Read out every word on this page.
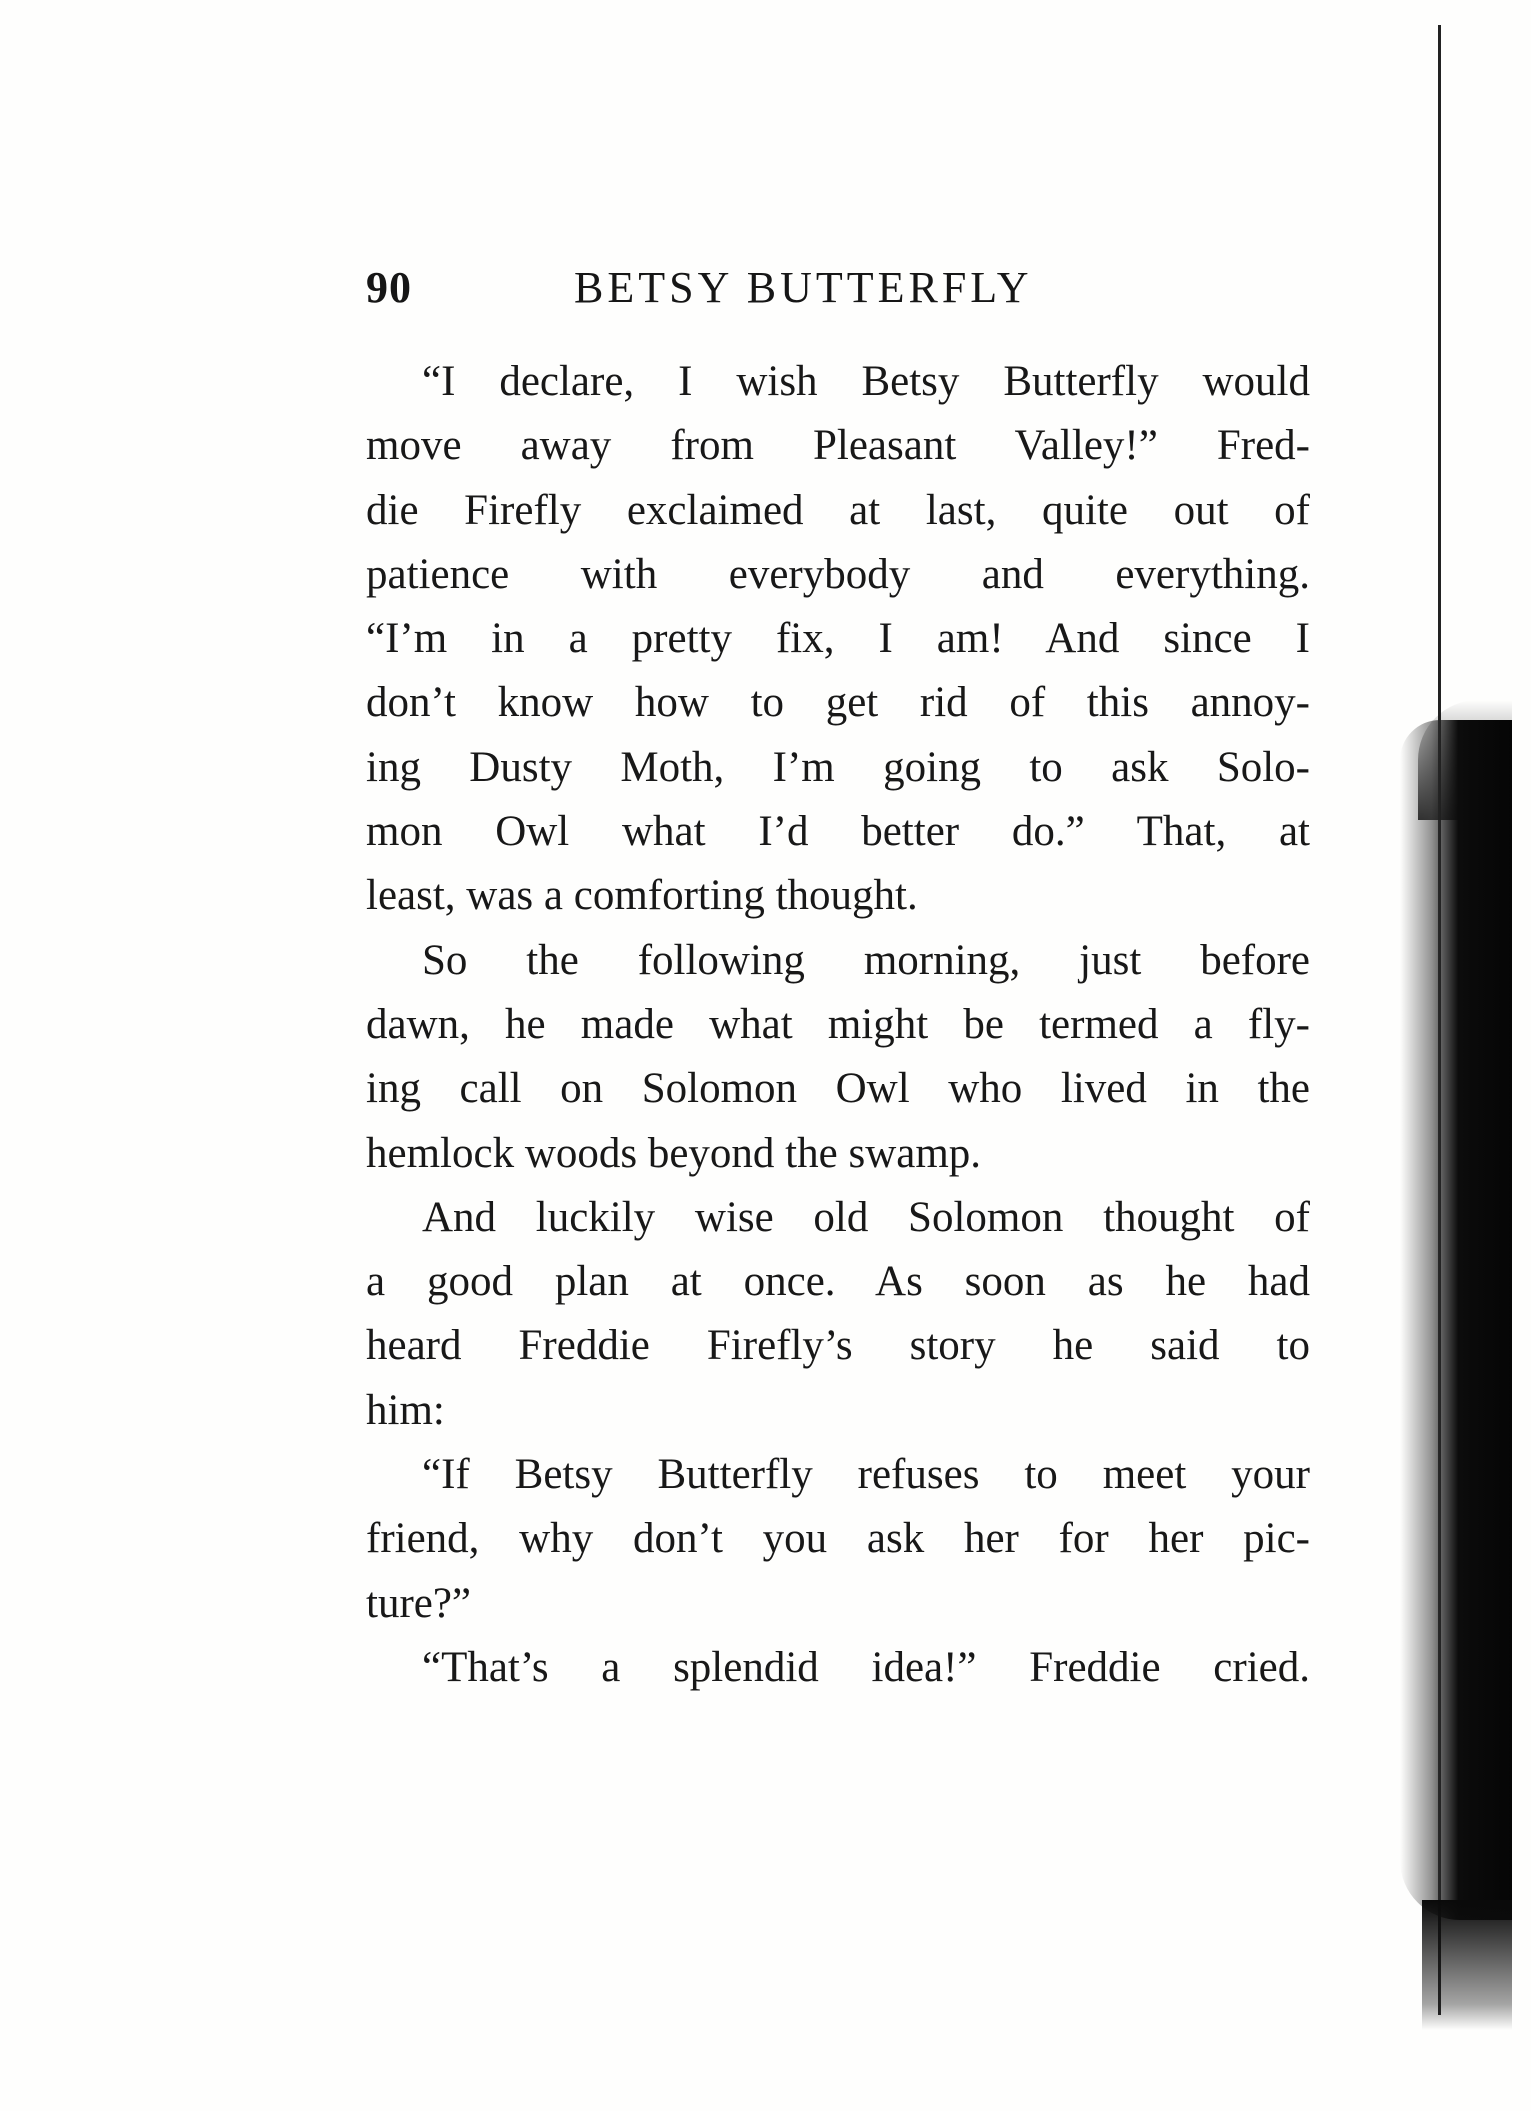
90	BETSY BUTTERFLY
“I declare, I wish Betsy Butterfly would
move away from Pleasant Valley!” Fred-
die Firefly exclaimed at last, quite out of
patience with everybody and everything.
“I’m in a pretty fix, I am! And since I
don’t know how to get rid of this annoy-
ing Dusty Moth, I’m going to ask Solo-
mon Owl what I’d better do.” That, at
least, was a comforting thought.
So the following morning, just before
dawn, he made what might be termed a fly-
ing call on Solomon Owl who lived in the
hemlock woods beyond the swamp.
And luckily wise old Solomon thought of
a good plan at once. As soon as he had
heard Freddie Firefly’s story he said to
him:
“If Betsy Butterfly refuses to meet your
friend, why don’t you ask her for her pic-
ture?”
“That’s a splendid idea!” Freddie cried.
